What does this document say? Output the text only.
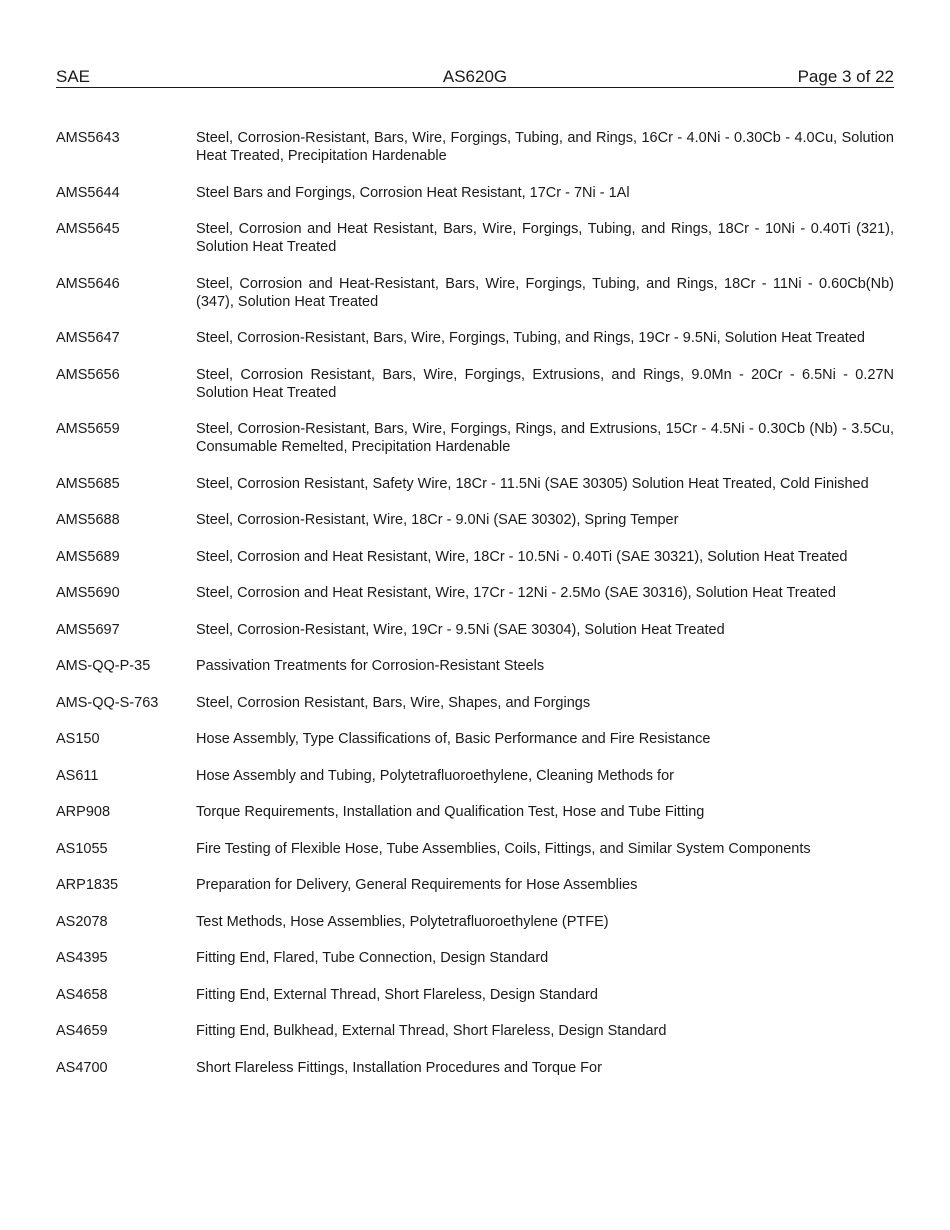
SAE	AS620G	Page 3 of 22
AMS5643	Steel, Corrosion-Resistant, Bars, Wire, Forgings, Tubing, and Rings, 16Cr - 4.0Ni - 0.30Cb - 4.0Cu, Solution Heat Treated, Precipitation Hardenable
AMS5644	Steel Bars and Forgings, Corrosion Heat Resistant, 17Cr - 7Ni - 1Al
AMS5645	Steel, Corrosion and Heat Resistant, Bars, Wire, Forgings, Tubing, and Rings, 18Cr - 10Ni - 0.40Ti (321), Solution Heat Treated
AMS5646	Steel, Corrosion and Heat-Resistant, Bars, Wire, Forgings, Tubing, and Rings, 18Cr - 11Ni - 0.60Cb(Nb) (347), Solution Heat Treated
AMS5647	Steel, Corrosion-Resistant, Bars, Wire, Forgings, Tubing, and Rings, 19Cr - 9.5Ni, Solution Heat Treated
AMS5656	Steel, Corrosion Resistant, Bars, Wire, Forgings, Extrusions, and Rings, 9.0Mn - 20Cr - 6.5Ni - 0.27N Solution Heat Treated
AMS5659	Steel, Corrosion-Resistant, Bars, Wire, Forgings, Rings, and Extrusions, 15Cr - 4.5Ni - 0.30Cb (Nb) - 3.5Cu, Consumable Remelted, Precipitation Hardenable
AMS5685	Steel, Corrosion Resistant, Safety Wire, 18Cr - 11.5Ni (SAE 30305) Solution Heat Treated, Cold Finished
AMS5688	Steel, Corrosion-Resistant, Wire, 18Cr - 9.0Ni (SAE 30302), Spring Temper
AMS5689	Steel, Corrosion and Heat Resistant, Wire, 18Cr - 10.5Ni - 0.40Ti (SAE 30321), Solution Heat Treated
AMS5690	Steel, Corrosion and Heat Resistant, Wire, 17Cr - 12Ni - 2.5Mo (SAE 30316), Solution Heat Treated
AMS5697	Steel, Corrosion-Resistant, Wire, 19Cr - 9.5Ni (SAE 30304), Solution Heat Treated
AMS-QQ-P-35	Passivation Treatments for Corrosion-Resistant Steels
AMS-QQ-S-763	Steel, Corrosion Resistant, Bars, Wire, Shapes, and Forgings
AS150	Hose Assembly, Type Classifications of, Basic Performance and Fire Resistance
AS611	Hose Assembly and Tubing, Polytetrafluoroethylene, Cleaning Methods for
ARP908	Torque Requirements, Installation and Qualification Test, Hose and Tube Fitting
AS1055	Fire Testing of Flexible Hose, Tube Assemblies, Coils, Fittings, and Similar System Components
ARP1835	Preparation for Delivery, General Requirements for Hose Assemblies
AS2078	Test Methods, Hose Assemblies, Polytetrafluoroethylene (PTFE)
AS4395	Fitting End, Flared, Tube Connection, Design Standard
AS4658	Fitting End, External Thread, Short Flareless, Design Standard
AS4659	Fitting End, Bulkhead, External Thread, Short Flareless, Design Standard
AS4700	Short Flareless Fittings, Installation Procedures and Torque For
